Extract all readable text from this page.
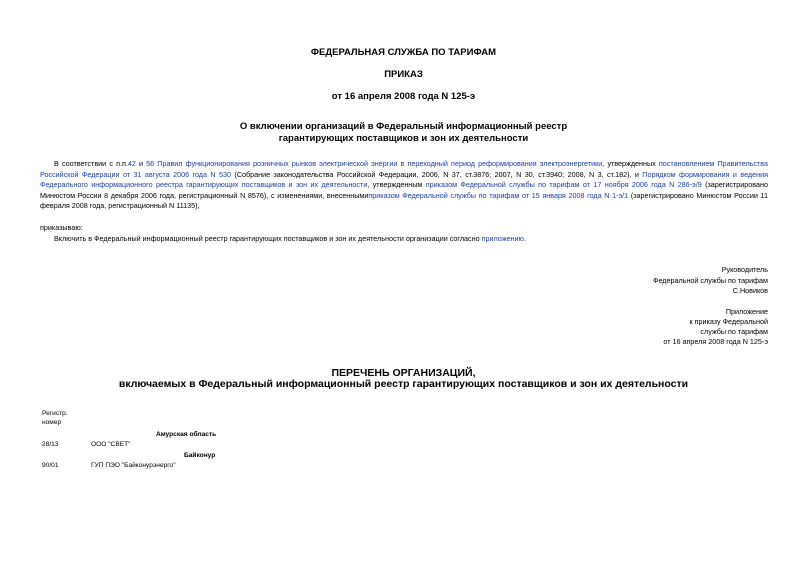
ФЕДЕРАЛЬНАЯ СЛУЖБА ПО ТАРИФАМ
ПРИКАЗ
от 16 апреля 2008 года N 125-э
О включении организаций в Федеральный информационный реестр
гарантирующих поставщиков и зон их деятельности
В соответствии с п.п.42 и 56 Правил функционирования розничных рынков электрической энергии в переходный период реформирования электроэнергетики, утвержденных постановлением Правительства Российской Федерации от 31 августа 2006 года N 530 (Собрание законодательства Российской Федерации, 2006, N 37, ст.3876; 2007, N 30, ст.3940; 2008, N 3, ст.182), и Порядком формирования и ведения Федерального информационного реестра гарантирующих поставщиков и зон их деятельности, утвержденным приказом Федеральной службы по тарифам от 17 ноября 2006 года N 286-э/9 (зарегистрировано Минюстом России 8 декабря 2006 года, регистрационный N 8576), с изменениями, внесеннымиприказом Федеральной службы по тарифам от 15 января 2008 года N 1-э/1 (зарегистрировано Минюстом России 11 февраля 2008 года, регистрационный N 11135),
приказываю:
Включить в Федеральный информационный реестр гарантирующих поставщиков и зон их деятельности организации согласно приложению.
Руководитель
Федеральной службы по тарифам
С.Новиков
Приложение
к приказу Федеральной
службы по тарифам
от 16 апреля 2008 года N 125-э
ПЕРЕЧЕНЬ ОРГАНИЗАЦИЙ,
включаемых в Федеральный информационный реестр гарантирующих поставщиков и зон их деятельности
Регистр.
номер
Амурская область
28/13	ООО "СВЕТ"
Байконур
90/01	ГУП ПЭО "Байконурэнерго"
